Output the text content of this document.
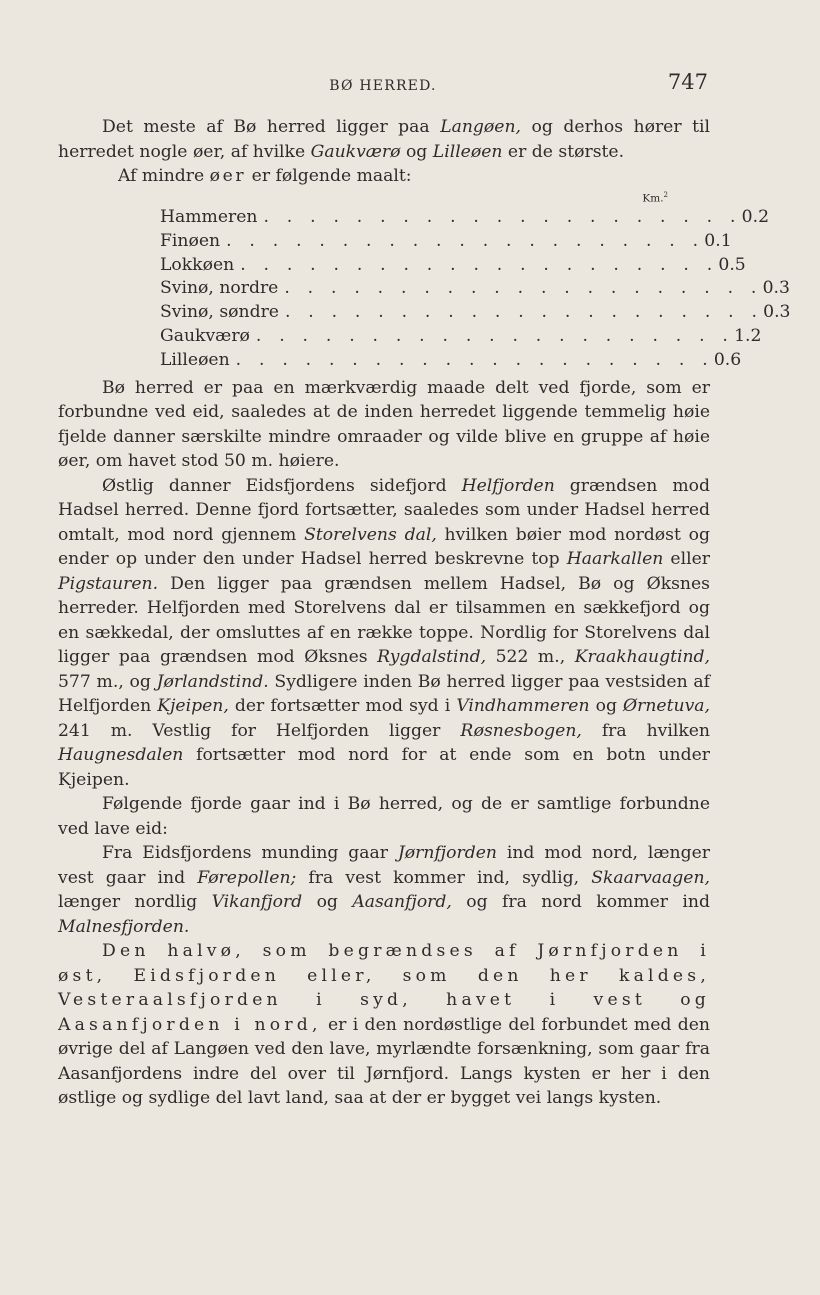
BØ HERRED.	747

Det meste af Bø herred ligger paa Langøen, og derhos hører til herredet nogle øer, af hvilke Gaukværø og Lilleøen er de største.

Af mindre øer er følgende maalt:

Km.$^2$
Hammeren . . . . . . . . . . . . . . . . . . . . . 0.2
Finøen . . . . . . . . . . . . . . . . . . . . . 0.1
Lokkøen . . . . . . . . . . . . . . . . . . . . . 0.5
Svinø, nordre . . . . . . . . . . . . . . . . . . . . . 0.3
Svinø, søndre . . . . . . . . . . . . . . . . . . . . . 0.3
Gaukværø . . . . . . . . . . . . . . . . . . . . . 1.2
Lilleøen . . . . . . . . . . . . . . . . . . . . . 0.6

Bø herred er paa en mærkværdig maade delt ved fjorde, som er forbundne ved eid, saaledes at de inden herredet liggende temmelig høie fjelde danner særskilte mindre omraader og vilde blive en gruppe af høie øer, om havet stod 50 m. høiere.

Østlig danner Eidsfjordens sidefjord Helfjorden grændsen mod Hadsel herred. Denne fjord fortsætter, saaledes som under Hadsel herred omtalt, mod nord gjennem Storelvens dal, hvilken bøier mod nordøst og ender op under den under Hadsel herred beskrevne top Haarkallen eller Pigstauren. Den ligger paa grændsen mellem Hadsel, Bø og Øksnes herreder. Helfjorden med Storelvens dal er tilsammen en sækkefjord og en sækkedal, der omsluttes af en række toppe. Nordlig for Storelvens dal ligger paa grændsen mod Øksnes Rygdalstind, 522 m., Kraakhaugtind, 577 m., og Jørlandstind. Sydligere inden Bø herred ligger paa vestsiden af Helfjorden Kjeipen, der fortsætter mod syd i Vindhammeren og Ørnetuva, 241 m. Vestlig for Helfjorden ligger Røsnesbogen, fra hvilken Haugnesdalen fortsætter mod nord for at ende som en botn under Kjeipen.

Følgende fjorde gaar ind i Bø herred, og de er samtlige forbundne ved lave eid:

Fra Eidsfjordens munding gaar Jørnfjorden ind mod nord, længer vest gaar ind Førepollen; fra vest kommer ind, sydlig, Skaarvaagen, længer nordlig Vikanfjord og Aasanfjord, og fra nord kommer ind Malnesfjorden.

Den halvø, som begrændses af Jørnfjorden i øst, Eidsfjorden eller, som den her kaldes, Vesteraalsfjorden i syd, havet i vest og Aasanfjorden i nord, er i den nordøstlige del forbundet med den øvrige del af Langøen ved den lave, myrlændte forsænkning, som gaar fra Aasanfjordens indre del over til Jørnfjord. Langs kysten er her i den østlige og sydlige del lavt land, saa at der er bygget vei langs kysten.
